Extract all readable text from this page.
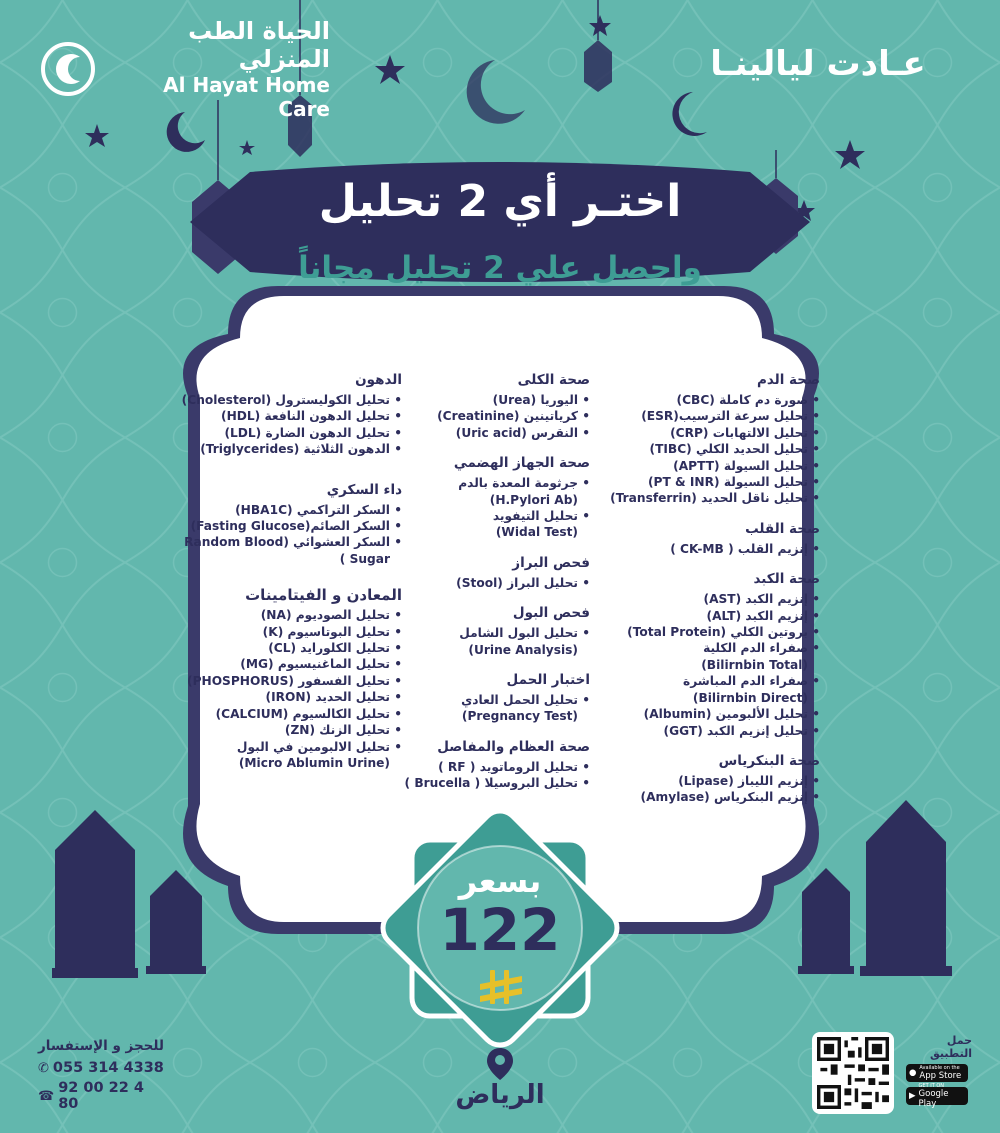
الحياة الطب المنزلي
Al Hayat Home Care
عـادت ليالينـا
اختـر أي 2 تحليل
واحصل علي 2 تحليل مجاناً
صحة الدم
• صورة دم كاملة (CBC)
• تحليل سرعة الترسيب(ESR)
• تحليل الالتهابات (CRP)
• تحليل الحديد الكلي (TIBC)
• تحليل السيولة (APTT)
• تحليل السيولة (PT & INR)
• تحليل ناقل الحديد (Transferrin)
صحة القلب
• إنزيم القلب ( CK-MB )
صحة الكبد
• إنزيم الكبد (AST)
• إنزيم الكبد (ALT)
• بروتين الكلي (Total Protein)
• صفراء الدم الكلية
(Bilirnbin Total)
• صفراء الدم المباشرة
(Bilirnbin Direct)
• تحليل الألبومين (Albumin)
• تحليل إنزيم الكبد (GGT)
صحة البنكرياس
• إنزيم الليباز (Lipase)
• إنزيم البنكرياس (Amylase)
صحة الكلى
• اليوريا (Urea)
• كرياتينين (Creatinine)
• النقرس (Uric acid)
صحة الجهاز الهضمي
• جرثومة المعدة بالدم
(H.Pylori Ab)
• تحليل التيفويد
(Widal Test)
فحص البراز
• تحليل البراز (Stool)
فحص البول
• تحليل البول الشامل
(Urine Analysis)
اختبار الحمل
• تحليل الحمل العادي
(Pregnancy Test)
صحة العظام والمفاصل
• تحليل الروماتويد ( RF )
• تحليل البروسيلا ( Brucella )
الدهون
• تحليل الكوليسترول (Cholesterol)
• تحليل الدهون النافعة (HDL)
• تحليل الدهون الضارة (LDL)
• الدهون الثلاثية (Triglycerides)
داء السكري
• السكر التراكمي (HBA1C)
• السكر الصائم(Fasting Glucose)
• السكر العشوائي (Random Blood
Sugar )
المعادن و الفيتامينات
• تحليل الصوديوم (NA)
• تحليل البوتاسيوم (K)
• تحليل الكلورايد (CL)
• تحليل الماغنيسيوم (MG)
• تحليل الفسفور (PHOSPHORUS)
• تحليل الحديد (IRON)
• تحليل الكالسيوم (CALCIUM)
• تحليل الزنك (ZN)
• تحليل الالبومين في البول
(Micro Ablumin Urine)
بسعر
122
الرياض
للحجز و الإستفسار
✆ 055 314 4338
☎ 92 00 22 4 80
حمل التطبيق
● Available on the
App Store
▶
GET IT ON
Google Play
